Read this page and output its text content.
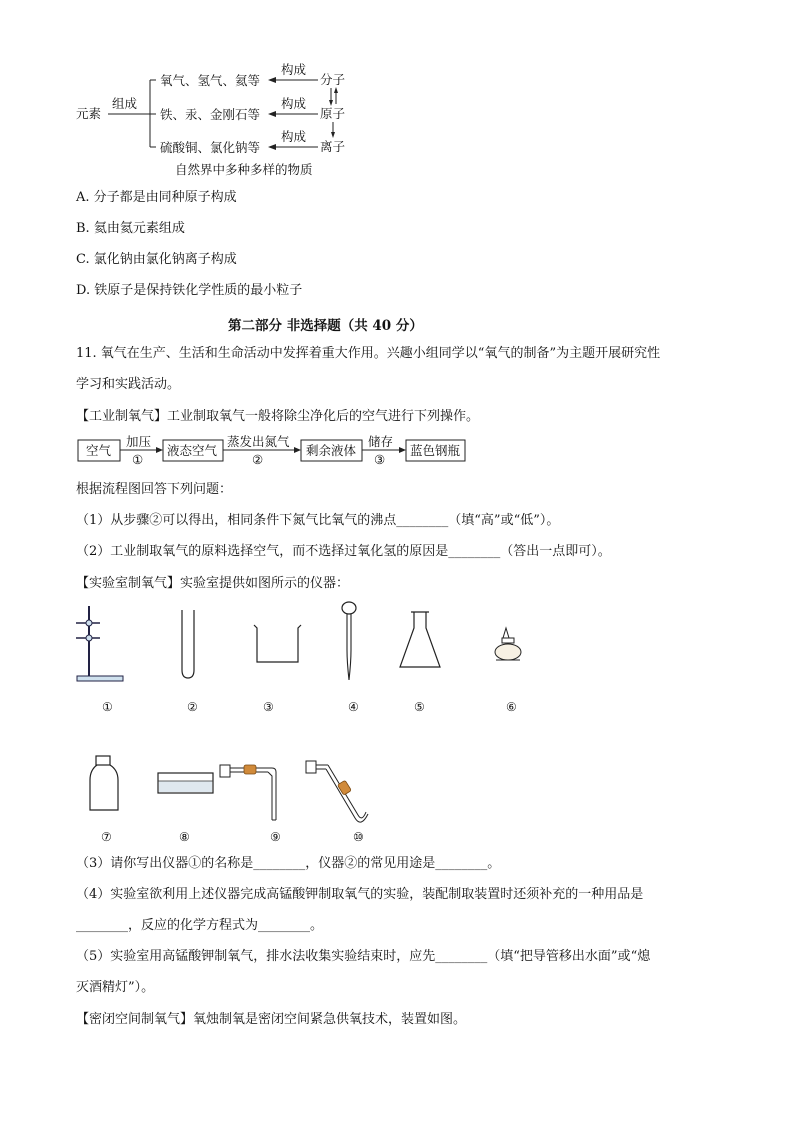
元素
组成
氧气、氢气、氦等
铁、汞、金刚石等
硫酸铜、氯化钠等
构成
构成
构成
分子
原子
离子
自然界中多种多样的物质
A. 分子都是由同种原子构成
B. 氦由氦元素组成
C. 氯化钠由氯化钠离子构成
D. 铁原子是保持铁化学性质的最小粒子
第二部分 非选择题（共 40 分）
11. 氧气在生产、生活和生命活动中发挥着重大作用。兴趣小组同学以“氧气的制备”为主题开展研究性
学习和实践活动。
【工业制氧气】工业制取氧气一般将除尘净化后的空气进行下列操作。
空气
加压
①
液态空气
蒸发出氮气
②
剩余液体
储存
③
蓝色钢瓶
根据流程图回答下列问题：
（1）从步骤②可以得出，相同条件下氮气比氧气的沸点________（填“高”或“低”）。
（2）工业制取氧气的原料选择空气，而不选择过氧化氢的原因是________（答出一点即可）。
【实验室制氧气】实验室提供如图所示的仪器：
①	②	③	④	⑤	⑥
⑦	⑧	⑨	⑩
（3）请你写出仪器①的名称是________，仪器②的常见用途是________。
（4）实验室欲利用上述仪器完成高锰酸钾制取氧气的实验，装配制取装置时还须补充的一种用品是
________，反应的化学方程式为________。
（5）实验室用高锰酸钾制氧气，排水法收集实验结束时，应先________（填“把导管移出水面”或“熄
灭酒精灯”）。
【密闭空间制氧气】氧烛制氧是密闭空间紧急供氧技术，装置如图。
